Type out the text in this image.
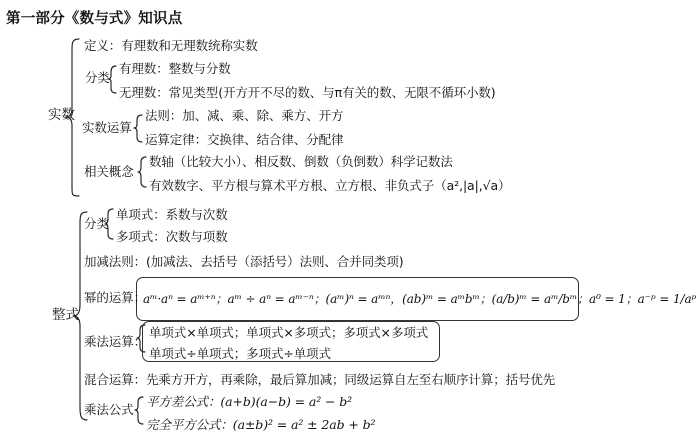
第一部分《数与式》知识点
实数
定义：有理数和无理数统称实数
分类
有理数：整数与分数
无理数：常见类型(开方开不尽的数、与π有关的数、无限不循环小数)
实数运算
法则：加、减、乘、除、乘方、开方
运算定律：交换律、结合律、分配律
相关概念
数轴（比较大小）、相反数、倒数（负倒数）科学记数法
有效数字、平方根与算术平方根、立方根、非负式子（a²,|a|,√a）
整式
分类
单项式：系数与次数
多项式：次数与项数
加减法则：(加减法、去括号（添括号）法则、合并同类项)
幂的运算：
aᵐ·aⁿ = aᵐ⁺ⁿ；aᵐ ÷ aⁿ = aᵐ⁻ⁿ；(aᵐ)ⁿ = aᵐⁿ，(ab)ᵐ = aᵐbᵐ；(a/b)ᵐ = aᵐ/bᵐ；a⁰ = 1；a⁻ᵖ = 1/aᵖ
乘法运算：
单项式×单项式；单项式×多项式；多项式×多项式
单项式÷单项式；多项式÷单项式
混合运算：先乘方开方，再乘除，最后算加减；同级运算自左至右顺序计算；括号优先
乘法公式
平方差公式：(a+b)(a−b) = a² − b²
完全平方公式：(a±b)² = a² ± 2ab + b²
